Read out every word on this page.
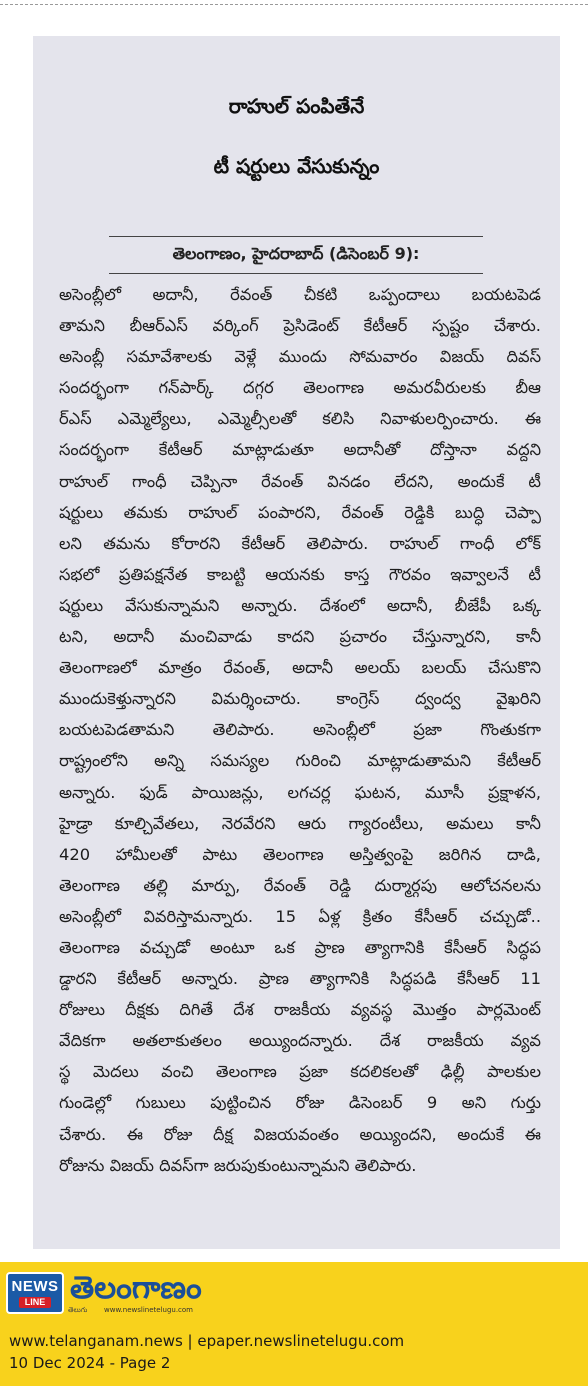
రాహుల్ పంపితేనే
టీ షర్టులు వేసుకున్నం
తెలంగాణం, హైదరాబాద్ (డిసెంబర్ 9):
అసెంబ్లీలో అదానీ, రేవంత్ చీకటి ఒప్పందాలు బయటపెడ
తామని బీఆర్ఎస్ వర్కింగ్ ప్రెసిడెంట్ కేటీఆర్ స్పష్టం చేశారు.
అసెంబ్లీ సమావేశాలకు వెళ్లే ముందు సోమవారం విజయ్ దివస్
సందర్భంగా గన్‌పార్క్ దగ్గర తెలంగాణ అమరవీరులకు బీఆ
ర్ఎస్ ఎమ్మెల్యేలు, ఎమ్మెల్సీలతో కలిసి నివాళులర్పించారు. ఈ
సందర్భంగా కేటీఆర్ మాట్లాడుతూ అదానీతో దోస్తానా వద్దని
రాహుల్ గాంధీ చెప్పినా రేవంత్ వినడం లేదని, అందుకే టీ
షర్టులు తమకు రాహుల్ పంపారని, రేవంత్ రెడ్డికి బుద్ధి చెప్పా
లని తమను కోరారని కేటీఆర్ తెలిపారు. రాహుల్ గాంధీ లోక్
సభలో ప్రతిపక్షనేత కాబట్టి ఆయనకు కాస్త గౌరవం ఇవ్వాలనే టీ
షర్టులు వేసుకున్నామని అన్నారు. దేశంలో అదానీ, బీజేపీ ఒక్క
టని, అదానీ మంచివాడు కాదని ప్రచారం చేస్తున్నారని, కానీ
తెలంగాణలో మాత్రం రేవంత్, అదానీ అలయ్ బలయ్ చేసుకొని
ముందుకెళ్తున్నారని విమర్శించారు. కాంగ్రెస్ ద్వంద్వ వైఖరిని
బయటపెడతామని తెలిపారు. అసెంబ్లీలో ప్రజా గొంతుకగా
రాష్ట్రంలోని అన్ని సమస్యల గురించి మాట్లాడుతామని కేటీఆర్
అన్నారు. ఫుడ్ పాయిజన్లు, లగచర్ల ఘటన, మూసీ ప్రక్షాళన,
హైడ్రా కూల్చివేతలు, నెరవేరని ఆరు గ్యారంటీలు, అమలు కానీ
420 హామీలతో పాటు తెలంగాణ అస్తిత్వంపై జరిగిన దాడి,
తెలంగాణ తల్లి మార్పు, రేవంత్ రెడ్డి దుర్మార్గపు ఆలోచనలను
అసెంబ్లీలో వివరిస్తామన్నారు. 15 ఏళ్ల క్రితం కేసీఆర్ చచ్చుడో..
తెలంగాణ వచ్చుడో అంటూ ఒక ప్రాణ త్యాగానికి కేసీఆర్ సిద్ధప
డ్డారని కేటీఆర్ అన్నారు. ప్రాణ త్యాగానికి సిద్ధపడి కేసీఆర్ 11
రోజులు దీక్షకు దిగితే దేశ రాజకీయ వ్యవస్థ మొత్తం పార్లమెంట్
వేదికగా అతలాకుతలం అయ్యిందన్నారు. దేశ రాజకీయ వ్యవ
స్థ మెదలు వంచి తెలంగాణ ప్రజా కదలికలతో ఢిల్లీ పాలకుల
గుండెల్లో గుబులు పుట్టించిన రోజు డిసెంబర్ 9 అని గుర్తు
చేశారు. ఈ రోజు దీక్ష విజయవంతం అయ్యిందని, అందుకే ఈ
రోజును విజయ్ దివస్‌గా జరుపుకుంటున్నామని తెలిపారు.
NEWS
LINE తెలంగాణం
తెలుగు www.newslinetelugu.com
www.telanganam.news | epaper.newslinetelugu.com
10 Dec 2024 - Page 2
